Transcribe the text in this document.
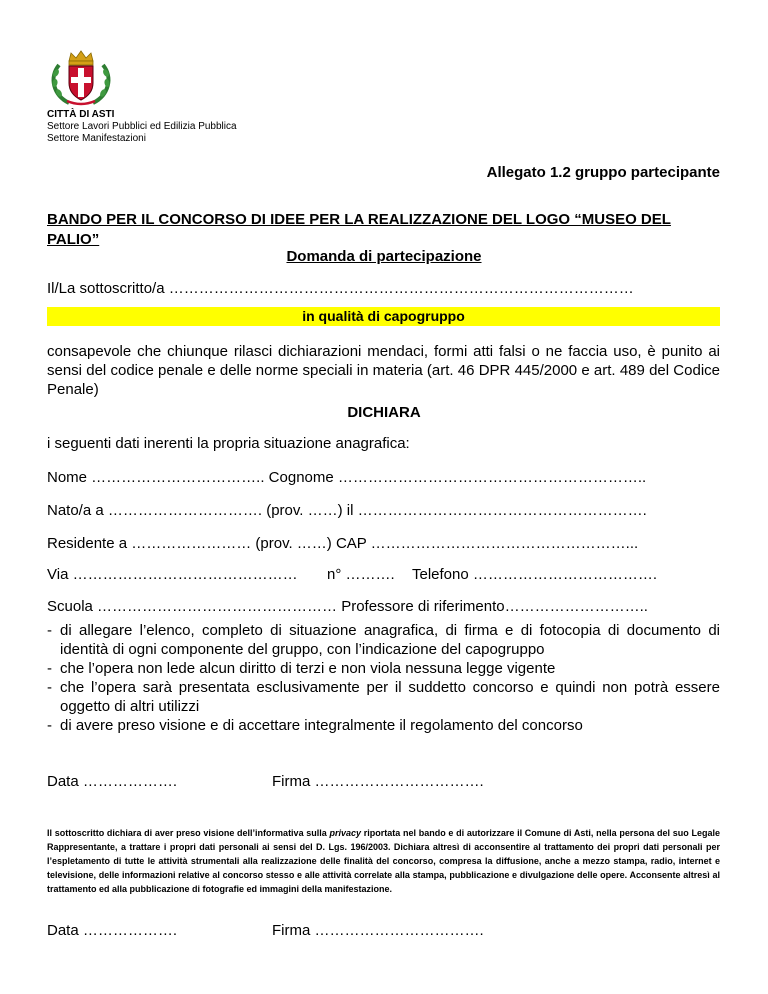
CITTÀ DI ASTI
Settore Lavori Pubblici ed Edilizia Pubblica
Settore Manifestazioni
Allegato 1.2 gruppo partecipante
BANDO PER IL CONCORSO DI IDEE PER LA REALIZZAZIONE DEL LOGO “MUSEO DEL PALIO”
Domanda di partecipazione
Il/La sottoscritto/a …………………………………………………………………………………
in qualità di capogruppo
consapevole che chiunque rilasci dichiarazioni mendaci, formi atti falsi o ne faccia uso, è punito ai sensi del codice penale e delle norme speciali in materia (art. 46 DPR 445/2000 e art. 489 del Codice Penale)
DICHIARA
i seguenti dati inerenti la propria situazione anagrafica:
Nome …………………………….. Cognome ……………………………………………………..
Nato/a a …………………………. (prov. ……) il ………………………………………………….
Residente a …………………… (prov. ……) CAP ……………………………………………...
Via ……………………………………… n° ………. Telefono ……………………………….
Scuola ………………………………………… Professore di riferimento………………………..
- di allegare l’elenco, completo di situazione anagrafica, di firma e di fotocopia di documento di identità di ogni componente del gruppo, con l’indicazione del capogruppo
- che l’opera non lede alcun diritto di terzi e non viola nessuna legge vigente
- che l’opera sarà presentata esclusivamente per il suddetto concorso e quindi non potrà essere oggetto di altri utilizzi
- di avere preso visione e di accettare integralmente il regolamento del concorso
Data ……………….	Firma …………………………….
Il sottoscritto dichiara di aver preso visione dell’informativa sulla privacy riportata nel bando e di autorizzare il Comune di Asti, nella persona del suo Legale Rappresentante, a trattare i propri dati personali ai sensi del D. Lgs. 196/2003. Dichiara altresì di acconsentire al trattamento dei propri dati personali per l’espletamento di tutte le attività strumentali alla realizzazione delle finalità del concorso, compresa la diffusione, anche a mezzo stampa, radio, internet e televisione, delle informazioni relative al concorso stesso e alle attività correlate alla stampa, pubblicazione e divulgazione delle opere. Acconsente altresì al trattamento ed alla pubblicazione di fotografie ed immagini della manifestazione.
Data ……………….	Firma …………………………….
